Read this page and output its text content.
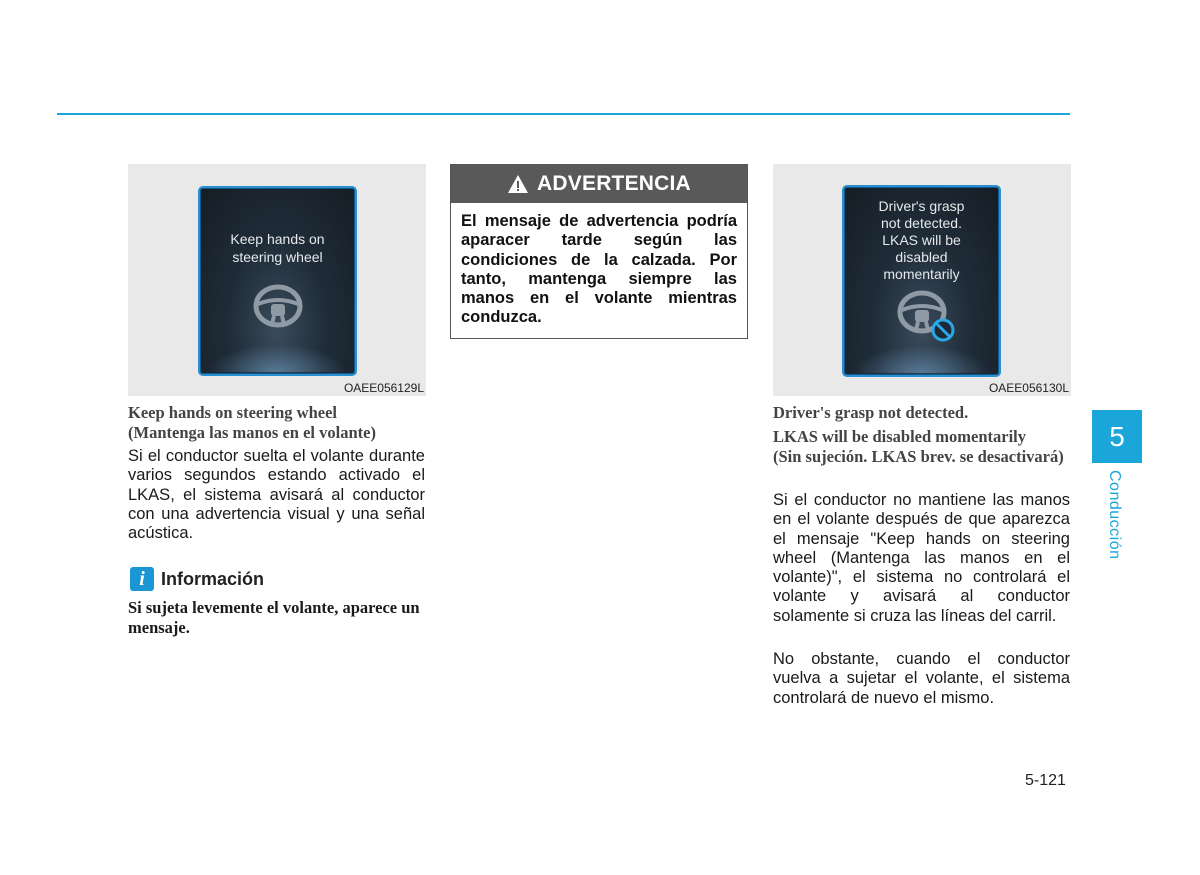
Keep hands on
steering wheel
OAEE056129L
Keep hands on steering wheel
(Mantenga las manos en el volante)
Si el conductor suelta el volante durante varios segundos estando activado el LKAS, el sistema avisará al conductor con una advertencia visual y una señal acústica.
i Información
Si sujeta levemente el volante, aparece un mensaje.
ADVERTENCIA
El mensaje de advertencia podría aparacer tarde según las condiciones de la calzada. Por tanto, mantenga siempre las manos en el volante mientras conduzca.
Driver's grasp
not detected.
LKAS will be
disabled
momentarily
OAEE056130L
Driver's grasp not detected.
LKAS will be disabled momentarily
(Sin sujeción. LKAS brev. se desactivará)
Si el conductor no mantiene las manos en el volante después de que aparezca el mensaje "Keep hands on steering wheel (Mantenga las manos en el volante)", el sistema no controlará el volante y avisará al conductor solamente si cruza las líneas del carril.
No obstante, cuando el conductor vuelva a sujetar el volante, el sistema controlará de nuevo el mismo.
5
Conducción
5-121
